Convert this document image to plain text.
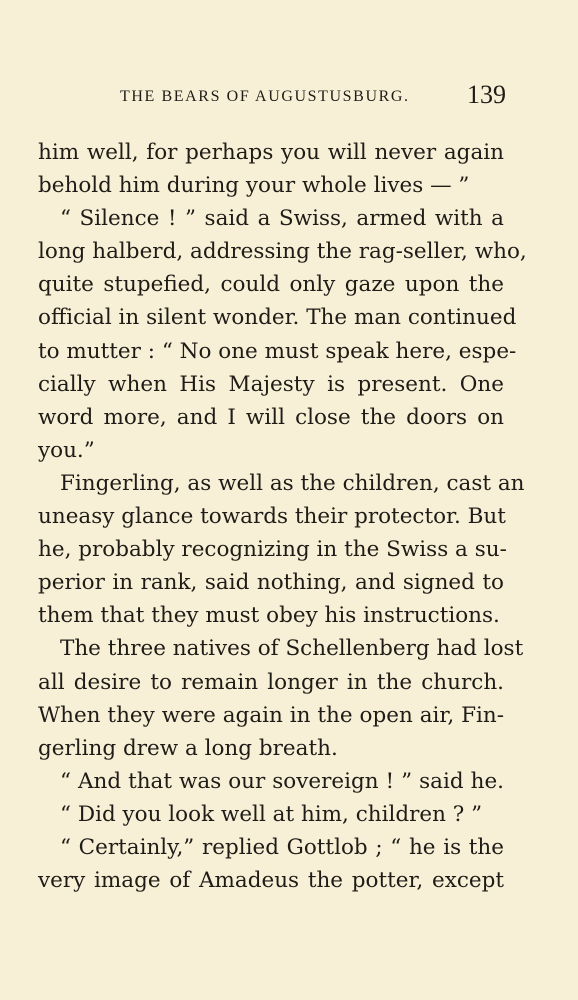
THE BEARS OF AUGUSTUSBURG. 139
him well, for perhaps you will never again
behold him during your whole lives — ”
“ Silence ! ” said a Swiss, armed with a
long halberd, addressing the rag-seller, who,
quite stupefied, could only gaze upon the
official in silent wonder. The man continued
to mutter : “ No one must speak here, espe-
cially when His Majesty is present. One
word more, and I will close the doors on
you.”
Fingerling, as well as the children, cast an
uneasy glance towards their protector. But
he, probably recognizing in the Swiss a su-
perior in rank, said nothing, and signed to
them that they must obey his instructions.
The three natives of Schellenberg had lost
all desire to remain longer in the church.
When they were again in the open air, Fin-
gerling drew a long breath.
“ And that was our sovereign ! ” said he.
“ Did you look well at him, children ? ”
“ Certainly,” replied Gottlob ; “ he is the
very image of Amadeus the potter, except
